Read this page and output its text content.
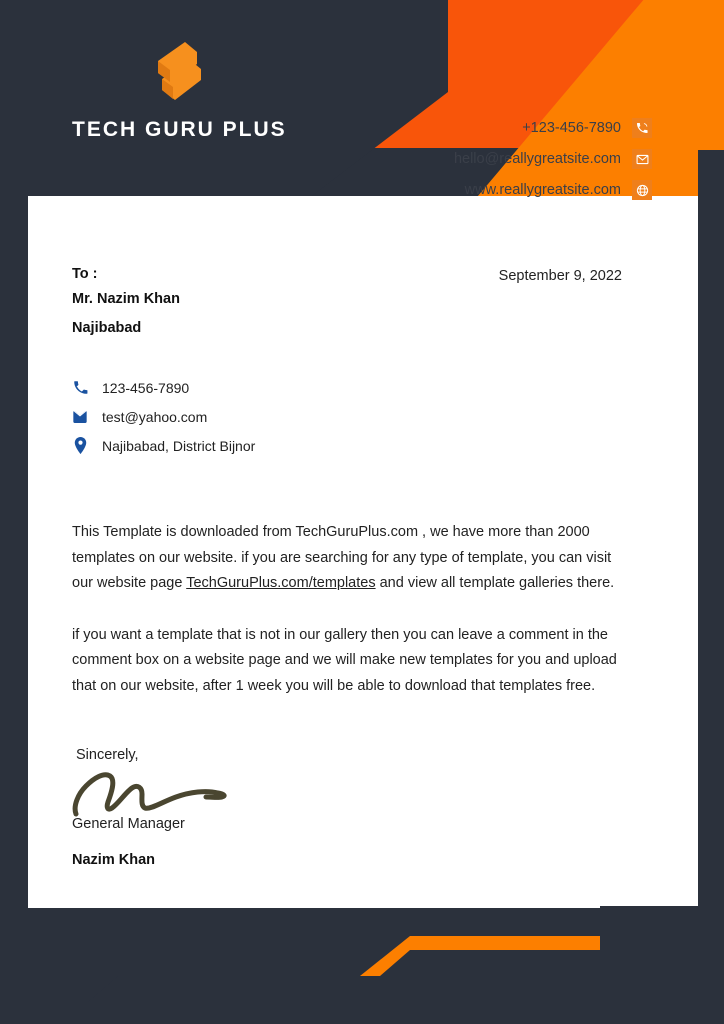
TECH GURU PLUS	+123-456-7890
hello@reallygreatsite.com
www.reallygreatsite.com
To :
Mr. Nazim Khan
Najibabad
September 9, 2022
123-456-7890
test@yahoo.com
Najibabad, District Bijnor

This Template is downloaded from TechGuruPlus.com , we have more than 2000 templates on our website. if you are searching for any type of template, you can visit our website page TechGuruPlus.com/templates and view all template galleries there.

if you want a template that is not in our gallery then you can leave a comment in the comment box on a website page and we will make new templates for you and upload that on our website, after 1 week you will be able to download that templates free.

Sincerely,
General Manager
Nazim Khan
